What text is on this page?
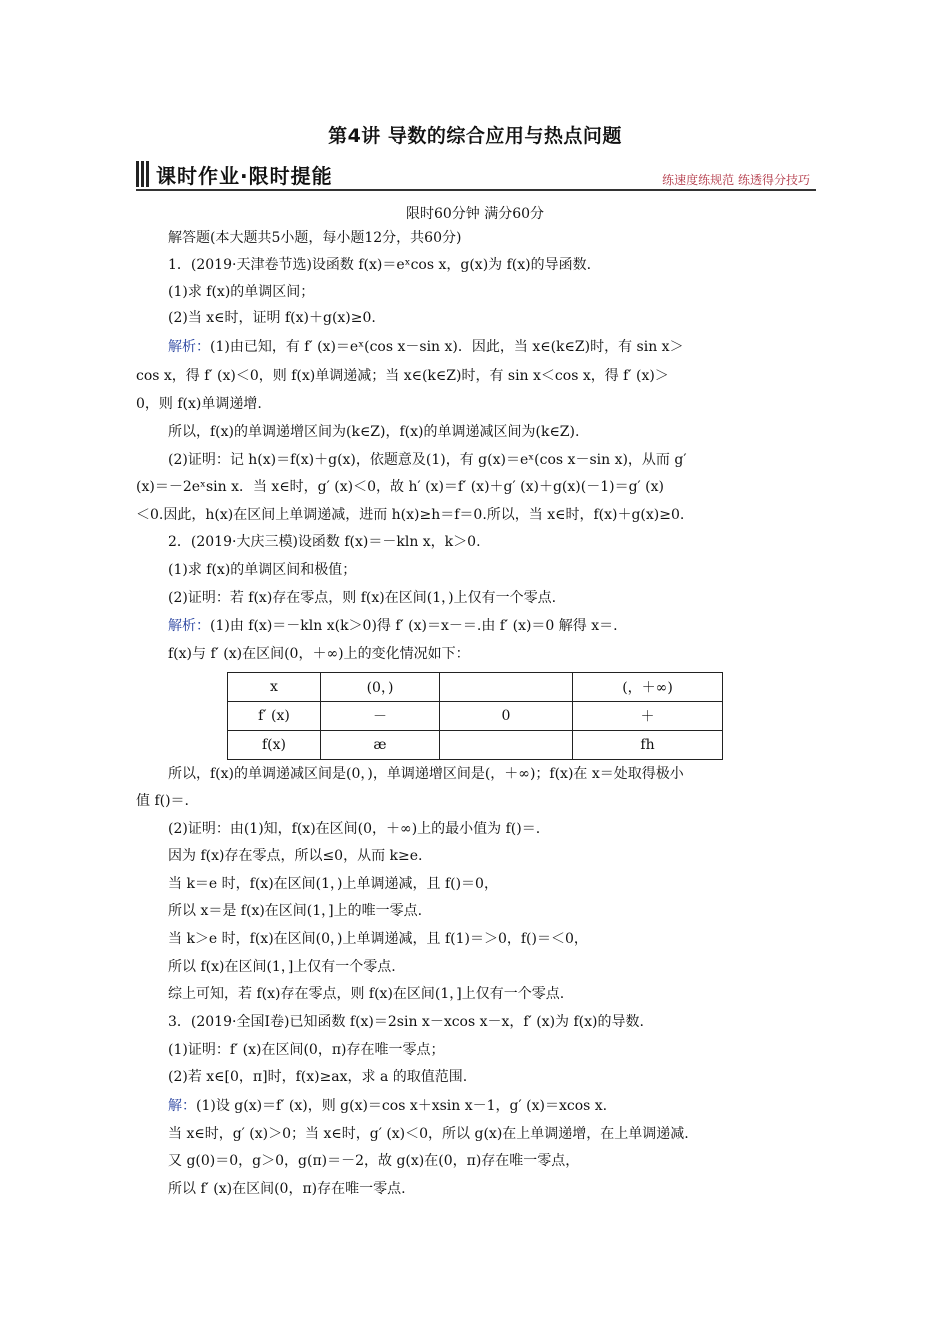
第4讲 导数的综合应用与热点问题
课时作业·限时提能	练速度练规范 练透得分技巧
限时60分钟 满分60分
解答题(本大题共5小题，每小题12分，共60分)
1．(2019·天津卷节选)设函数 f(x)＝eˣcos x，g(x)为 f(x)的导函数.
(1)求 f(x)的单调区间；
(2)当 x∈时，证明 f(x)＋g(x)≥0.
解析：(1)由已知，有 f′ (x)＝eˣ(cos x－sin x)．因此，当 x∈(k∈Z)时，有 sin x＞
cos x，得 f′ (x)＜0，则 f(x)单调递减；当 x∈(k∈Z)时，有 sin x＜cos x，得 f′ (x)＞
0，则 f(x)单调递增.
所以，f(x)的单调递增区间为(k∈Z)，f(x)的单调递减区间为(k∈Z).
(2)证明：记 h(x)＝f(x)＋g(x)，依题意及(1)，有 g(x)＝eˣ(cos x－sin x)，从而 g′
(x)＝－2eˣsin x．当 x∈时，g′ (x)＜0，故 h′ (x)＝f′ (x)＋g′ (x)＋g(x)(－1)＝g′ (x)
＜0.因此，h(x)在区间上单调递减，进而 h(x)≥h＝f＝0.所以，当 x∈时，f(x)＋g(x)≥0.
2．(2019·大庆三模)设函数 f(x)＝－kln x，k＞0.
(1)求 f(x)的单调区间和极值；
(2)证明：若 f(x)存在零点，则 f(x)在区间(1，)上仅有一个零点.
解析：(1)由 f(x)＝－kln x(k＞0)得 f′ (x)＝x－＝.由 f′ (x)＝0 解得 x＝.
f(x)与 f′ (x)在区间(0，＋∞)上的变化情况如下：
x	(0，)		(，＋∞)
f′ (x)	－	0	＋
f(x)	æ		fh
所以，f(x)的单调递减区间是(0，)，单调递增区间是(，＋∞)；f(x)在 x＝处取得极小
值 f()＝.
(2)证明：由(1)知，f(x)在区间(0，＋∞)上的最小值为 f()＝.
因为 f(x)存在零点，所以≤0，从而 k≥e.
当 k＝e 时，f(x)在区间(1，)上单调递减，且 f()＝0，
所以 x＝是 f(x)在区间(1，]上的唯一零点.
当 k＞e 时，f(x)在区间(0，)上单调递减，且 f(1)＝＞0，f()＝＜0，
所以 f(x)在区间(1，]上仅有一个零点.
综上可知，若 f(x)存在零点，则 f(x)在区间(1，]上仅有一个零点.
3．(2019·全国Ⅰ卷)已知函数 f(x)＝2sin x－xcos x－x，f′ (x)为 f(x)的导数.
(1)证明：f′ (x)在区间(0，π)存在唯一零点；
(2)若 x∈[0，π]时，f(x)≥ax，求 a 的取值范围.
解：(1)设 g(x)＝f′ (x)，则 g(x)＝cos x＋xsin x－1，g′ (x)＝xcos x.
当 x∈时，g′ (x)＞0；当 x∈时，g′ (x)＜0，所以 g(x)在上单调递增，在上单调递减.
又 g(0)＝0，g＞0，g(π)＝－2，故 g(x)在(0，π)存在唯一零点，
所以 f′ (x)在区间(0，π)存在唯一零点.
